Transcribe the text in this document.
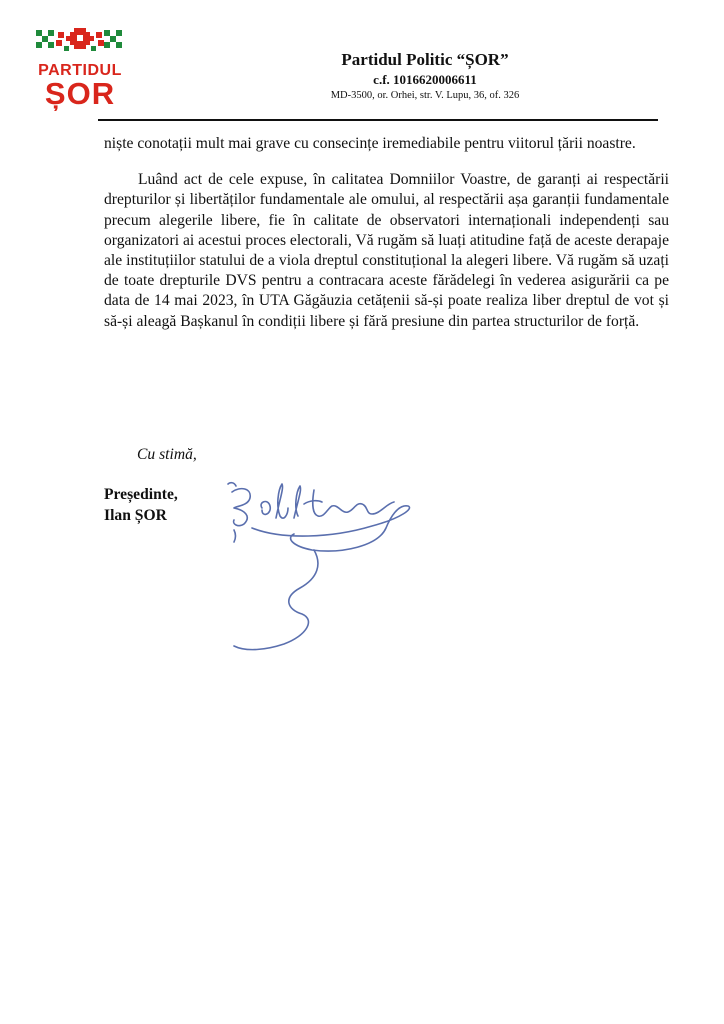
PARTIDUL
ȘOR
Partidul Politic “ȘOR”
c.f. 1016620006611
MD-3500, or. Orhei, str. V. Lupu, 36, of. 326

niște conotații mult mai grave cu consecințe iremediabile pentru viitorul țării noastre.

Luând act de cele expuse, în calitatea Domniilor Voastre, de garanți ai respectării drepturilor și libertăților fundamentale ale omului, al respectării așa garanții fundamentale precum alegerile libere, fie în calitate de observatori internaționali independenți sau organizatori ai acestui proces electorali, Vă rugăm să luați atitudine față de aceste derapaje ale instituțiilor statului de a viola dreptul constituțional la alegeri libere. Vă rugăm să uzați de toate drepturile DVS pentru a contracara aceste fărădelegi în vederea asigurării ca pe data de 14 mai 2023, în UTA Găgăuzia cetățenii să-și poate realiza liber dreptul de vot și să-și aleagă Bașkanul în condiții libere și fără presiune din partea structurilor de forță.

Cu stimă,
Președinte,
Ilan ȘOR
